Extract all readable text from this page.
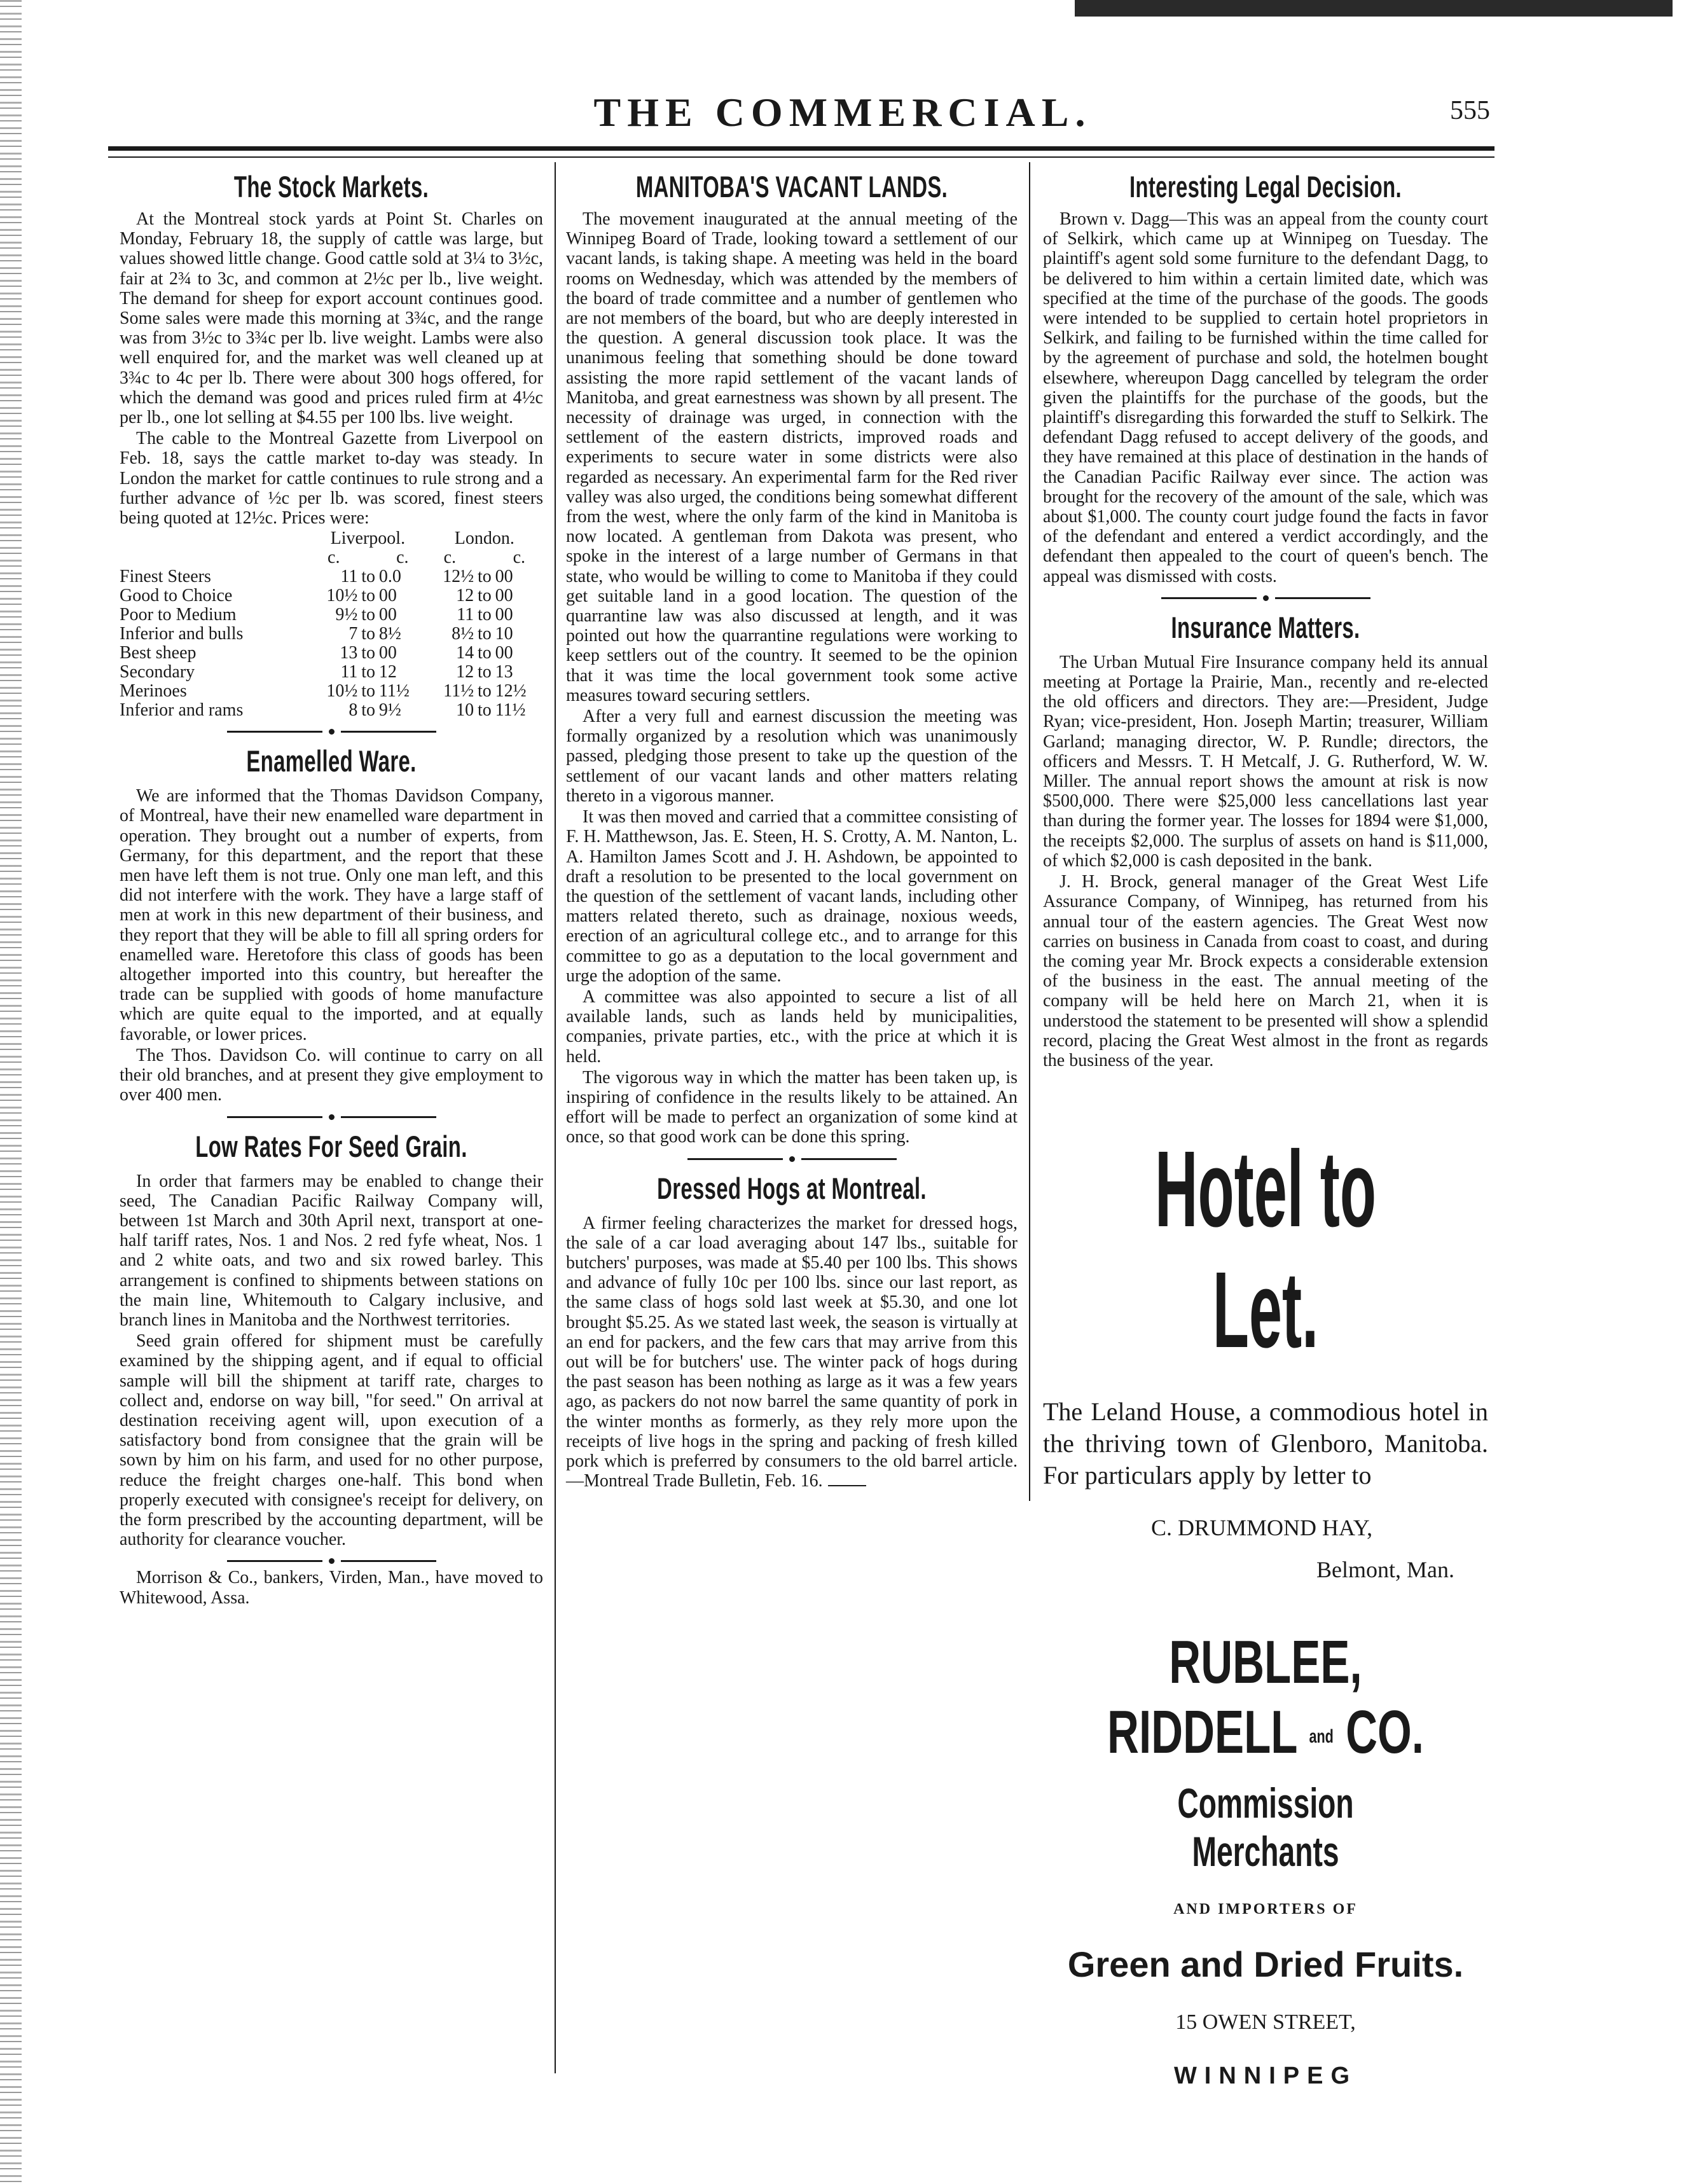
THE COMMERCIAL.	555
The Stock Markets.

At the Montreal stock yards at Point St. Charles on Monday, February 18, the supply of cattle was large, but values showed little change. Good cattle sold at 3¼ to 3½c, fair at 2¾ to 3c, and common at 2½c per lb., live weight. The demand for sheep for export account continues good. Some sales were made this morning at 3¾c, and the range was from 3½c to 3¾c per lb. live weight. Lambs were also well enquired for, and the market was well cleaned up at 3¾c to 4c per lb. There were about 300 hogs offered, for which the demand was good and prices ruled firm at 4½c per lb., one lot selling at $4.55 per 100 lbs. live weight.

The cable to the Montreal Gazette from Liverpool on Feb. 18, says the cattle market to-day was steady. In London the market for cattle continues to rule strong and a further advance of ½c per lb. was scored, finest steers being quoted at 12½c. Prices were:

	Liverpool.			London.		
	c.		c.	c.		c.
Finest Steers	11	to	0.0	12½	to	00
Good to Choice	10½	to	00	12	to	00
Poor to Medium	9½	to	00	11	to	00
Inferior and bulls	7	to	8½	8½	to	10
Best sheep	13	to	00	14	to	00
Secondary	11	to	12	12	to	13
Merinoes	10½	to	11½	11½	to	12½
Inferior and rams	8	to	9½	10	to	11½
Enamelled Ware.

We are informed that the Thomas Davidson Company, of Montreal, have their new enamelled ware department in operation. They brought out a number of experts, from Germany, for this department, and the report that these men have left them is not true. Only one man left, and this did not interfere with the work. They have a large staff of men at work in this new department of their business, and they report that they will be able to fill all spring orders for enamelled ware. Heretofore this class of goods has been altogether imported into this country, but hereafter the trade can be supplied with goods of home manufacture which are quite equal to the imported, and at equally favorable, or lower prices.

The Thos. Davidson Co. will continue to carry on all their old branches, and at present they give employment to over 400 men.

Low Rates For Seed Grain.

In order that farmers may be enabled to change their seed, The Canadian Pacific Railway Company will, between 1st March and 30th April next, transport at one-half tariff rates, Nos. 1 and Nos. 2 red fyfe wheat, Nos. 1 and 2 white oats, and two and six rowed barley. This arrangement is confined to shipments between stations on the main line, Whitemouth to Calgary inclusive, and branch lines in Manitoba and the Northwest territories.

Seed grain offered for shipment must be carefully examined by the shipping agent, and if equal to official sample will bill the shipment at tariff rate, charges to collect and, endorse on way bill, "for seed." On arrival at destination receiving agent will, upon execution of a satisfactory bond from consignee that the grain will be sown by him on his farm, and used for no other purpose, reduce the freight charges one-half. This bond when properly executed with consignee's receipt for delivery, on the form prescribed by the accounting department, will be authority for clearance voucher.

Morrison & Co., bankers, Virden, Man., have moved to Whitewood, Assa.

MANITOBA'S VACANT LANDS.

The movement inaugurated at the annual meeting of the Winnipeg Board of Trade, looking toward a settlement of our vacant lands, is taking shape. A meeting was held in the board rooms on Wednesday, which was attended by the members of the board of trade committee and a number of gentlemen who are not members of the board, but who are deeply interested in the question. A general discussion took place. It was the unanimous feeling that something should be done toward assisting the more rapid settlement of the vacant lands of Manitoba, and great earnestness was shown by all present. The necessity of drainage was urged, in connection with the settlement of the eastern districts, improved roads and experiments to secure water in some districts were also regarded as necessary. An experimental farm for the Red river valley was also urged, the conditions being somewhat different from the west, where the only farm of the kind in Manitoba is now located. A gentleman from Dakota was present, who spoke in the interest of a large number of Germans in that state, who would be willing to come to Manitoba if they could get suitable land in a good location. The question of the quarrantine law was also discussed at length, and it was pointed out how the quarrantine regulations were working to keep settlers out of the country. It seemed to be the opinion that it was time the local government took some active measures toward securing settlers.

After a very full and earnest discussion the meeting was formally organized by a resolution which was unanimously passed, pledging those present to take up the question of the settlement of our vacant lands and other matters relating thereto in a vigorous manner.

It was then moved and carried that a committee consisting of F. H. Matthewson, Jas. E. Steen, H. S. Crotty, A. M. Nanton, L. A. Hamilton James Scott and J. H. Ashdown, be appointed to draft a resolution to be presented to the local government on the question of the settlement of vacant lands, including other matters related thereto, such as drainage, noxious weeds, erection of an agricultural college etc., and to arrange for this committee to go as a deputation to the local government and urge the adoption of the same.

A committee was also appointed to secure a list of all available lands, such as lands held by municipalities, companies, private parties, etc., with the price at which it is held.

The vigorous way in which the matter has been taken up, is inspiring of confidence in the results likely to be attained. An effort will be made to perfect an organization of some kind at once, so that good work can be done this spring.

Dressed Hogs at Montreal.

A firmer feeling characterizes the market for dressed hogs, the sale of a car load averaging about 147 lbs., suitable for butchers' purposes, was made at $5.40 per 100 lbs. This shows and advance of fully 10c per 100 lbs. since our last report, as the same class of hogs sold last week at $5.30, and one lot brought $5.25. As we stated last week, the season is virtually at an end for packers, and the few cars that may arrive from this out will be for butchers' use. The winter pack of hogs during the past season has been nothing as large as it was a few years ago, as packers do not now barrel the same quantity of pork in the winter months as formerly, as they rely more upon the receipts of live hogs in the spring and packing of fresh killed pork which is preferred by consumers to the old barrel article. —Montreal Trade Bulletin, Feb. 16.

Interesting Legal Decision.

Brown v. Dagg—This was an appeal from the county court of Selkirk, which came up at Winnipeg on Tuesday. The plaintiff's agent sold some furniture to the defendant Dagg, to be delivered to him within a certain limited date, which was specified at the time of the purchase of the goods. The goods were intended to be supplied to certain hotel proprietors in Selkirk, and failing to be furnished within the time called for by the agreement of purchase and sold, the hotelmen bought elsewhere, whereupon Dagg cancelled by telegram the order given the plaintiffs for the purchase of the goods, but the plaintiff's disregarding this forwarded the stuff to Selkirk. The defendant Dagg refused to accept delivery of the goods, and they have remained at this place of destination in the hands of the Canadian Pacific Railway ever since. The action was brought for the recovery of the amount of the sale, which was about $1,000. The county court judge found the facts in favor of the defendant and entered a verdict accordingly, and the defendant then appealed to the court of queen's bench. The appeal was dismissed with costs.

Insurance Matters.

The Urban Mutual Fire Insurance company held its annual meeting at Portage la Prairie, Man., recently and re-elected the old officers and directors. They are:—President, Judge Ryan; vice-president, Hon. Joseph Martin; treasurer, William Garland; managing director, W. P. Rundle; directors, the officers and Messrs. T. H Metcalf, J. G. Rutherford, W. W. Miller. The annual report shows the amount at risk is now $500,000. There were $25,000 less cancellations last year than during the former year. The losses for 1894 were $1,000, the receipts $2,000. The surplus of assets on hand is $11,000, of which $2,000 is cash deposited in the bank.

J. H. Brock, general manager of the Great West Life Assurance Company, of Winnipeg, has returned from his annual tour of the eastern agencies. The Great West now carries on business in Canada from coast to coast, and during the coming year Mr. Brock expects a considerable extension of the business in the east. The annual meeting of the company will be held here on March 21, when it is understood the statement to be presented will show a splendid record, placing the Great West almost in the front as regards the business of the year.

Hotel to Let.
The Leland House, a commodious hotel in the thriving town of Glenboro, Manitoba. For particulars apply by letter to
C. DRUMMOND HAY,
Belmont, Man.
RUBLEE, RIDDELL and CO.
Commission Merchants
AND IMPORTERS OF
Green and Dried Fruits.
15 OWEN STREET,
WINNIPEG
